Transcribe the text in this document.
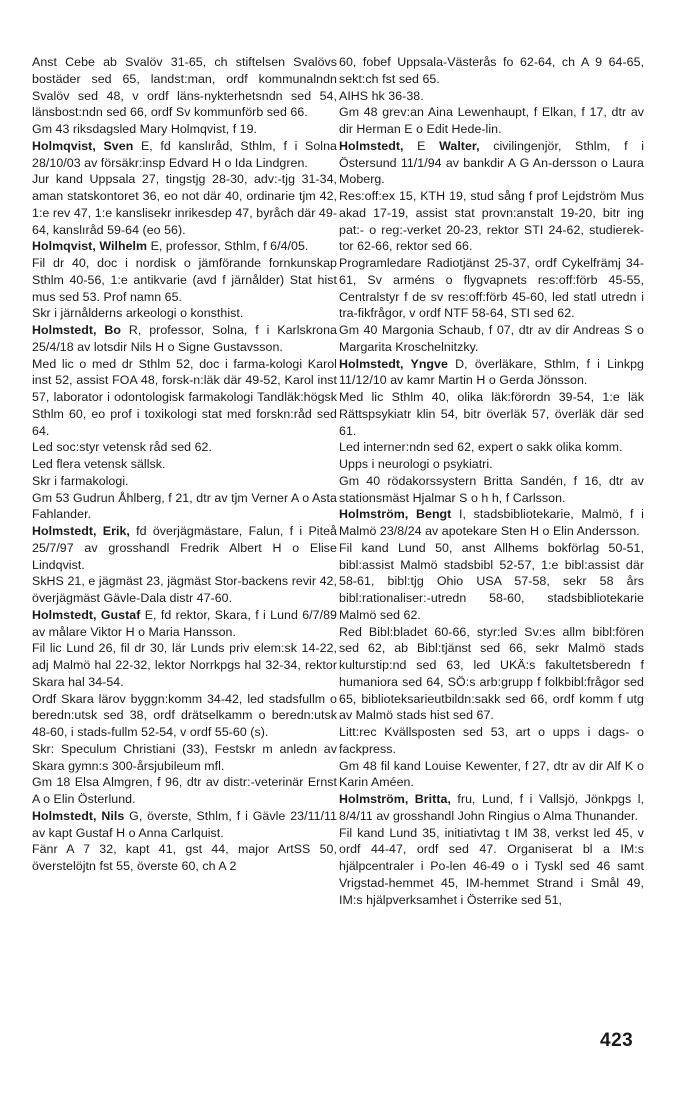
Anst Cebe ab Svalöv 31-65, ch stiftelsen Svalövs bostäder sed 65, landst:man, ordf kommunalndn Svalöv sed 48, v ordf läns-nykterhetsndn sed 54, länsbost:ndn sed 66, ordf Sv kommunförb sed 66.
Gm 43 riksdagsled Mary Holmqvist, f 19.
Holmqvist, Sven E, fd kanslıråd, Sthlm, f i Solna 28/10/03 av försäkr:insp Edvard H o Ida Lindgren.
Jur kand Uppsala 27, tingstjg 28-30, adv:-tjg 31-34, aman statskontoret 36, eo not där 40, ordinarie tjm 42, 1:e rev 47, 1:e kanslisekr inrikesdep 47, byråch där 49-64, kanslıråd 59-64 (eo 56).
Holmqvist, Wilhelm E, professor, Sthlm, f 6/4/05.
Fil dr 40, doc i nordisk o jämförande fornkunskap Sthlm 40-56, 1:e antikvarie (avd f järnålder) Stat hist mus sed 53. Prof namn 65.
Skr i järnålderns arkeologi o konsthist.
Holmstedt, Bo R, professor, Solna, f i Karlskrona 25/4/18 av lotsdir Nils H o Signe Gustavsson.
Med lic o med dr Sthlm 52, doc i farma-kologi Karol inst 52, assist FOA 48, forsk-n:läk där 49-52, Karol inst 57, laborator i odontologisk farmakologi Tandläk:högsk Sthlm 60, eo prof i toxikologi stat med forskn:råd sed 64.
Led soc:styr vetensk råd sed 62.
Led flera vetensk sällsk.
Skr i farmakologi.
Gm 53 Gudrun Åhlberg, f 21, dtr av tjm Verner A o Asta Fahlander.
Holmstedt, Erik, fd överjägmästare, Falun, f i Piteå 25/7/97 av grosshandl Fredrik Albert H o Elise Lindqvist.
SkHS 21, e jägmäst 23, jägmäst Stor-backens revir 42, överjägmäst Gävle-Dala distr 47-60.
Holmstedt, Gustaf E, fd rektor, Skara, f i Lund 6/7/89 av målare Viktor H o Maria Hansson.
Fil lic Lund 26, fil dr 30, lär Lunds priv elem:sk 14-22, adj Malmö hal 22-32, lektor Norrkpgs hal 32-34, rektor Skara hal 34-54.
Ordf Skara lärov byggn:komm 34-42, led stadsfullm o beredn:utsk sed 38, ordf drätselkamm o beredn:utsk 48-60, i stads-fullm 52-54, v ordf 55-60 (s).
Skr: Speculum Christiani (33), Festskr m anledn av Skara gymn:s 300-årsjubileum mfl.
Gm 18 Elsa Almgren, f 96, dtr av distr:-veterinär Ernst A o Elin Österlund.
Holmstedt, Nils G, överste, Sthlm, f i Gävle 23/11/11 av kapt Gustaf H o Anna Carlquist.
Fänr A 7 32, kapt 41, gst 44, major ArtSS 50, överstelöjtn fst 55, överste 60, ch A 2
60, fobef Uppsala-Västerås fo 62-64, ch A 9 64-65, sekt:ch fst sed 65.
AIHS hk 36-38.
Gm 48 grev:an Aina Lewenhaupt, f Elkan, f 17, dtr av dir Herman E o Edit Hede-lin.
Holmstedt, E Walter, civilingenjör, Sthlm, f i Östersund 11/1/94 av bankdir A G An-dersson o Laura Moberg.
Res:off:ex 15, KTH 19, stud sång f prof Lejdström Mus akad 17-19, assist stat provn:anstalt 19-20, bitr ing pat:- o reg:-verket 20-23, rektor STI 24-62, studierek-tor 62-66, rektor sed 66.
Programledare Radiotjänst 25-37, ordf Cykelfrämj 34-61, Sv arméns o flygvapnets res:off:förb 45-55, Centralstyr f de sv res:off:förb 45-60, led statl utredn i tra-fikfrågor, v ordf NTF 58-64, STI sed 62.
Gm 40 Margonia Schaub, f 07, dtr av dir Andreas S o Margarita Kroschelnitzky.
Holmstedt, Yngve D, överläkare, Sthlm, f i Linkpg 11/12/10 av kamr Martin H o Gerda Jönsson.
Med lic Sthlm 40, olika läk:förordn 39-54, 1:e läk Rättspsykiatr klin 54, bitr överläk 57, överläk där sed 61.
Led interner:ndn sed 62, expert o sakk olika komm.
Upps i neurologi o psykiatri.
Gm 40 rödakorssystern Britta Sandén, f 16, dtr av stationsmäst Hjalmar S o h h, f Carlsson.
Holmström, Bengt I, stadsbibliotekarie, Malmö, f i Malmö 23/8/24 av apotekare Sten H o Elin Andersson.
Fil kand Lund 50, anst Allhems bokförlag 50-51, bibl:assist Malmö stadsbibl 52-57, 1:e bibl:assist där 58-61, bibl:tjg Ohio USA 57-58, sekr 58 års bibl:rationaliser:-utredn 58-60, stadsbibliotekarie Malmö sed 62.
Red Bibl:bladet 60-66, styr:led Sv:es allm bibl:fören sed 62, ab Bibl:tjänst sed 66, sekr Malmö stads kulturstip:nd sed 63, led UKÄ:s fakultetsberedn f humaniora sed 64, SÖ:s arb:grupp f folkbibl:frågor sed 65, biblioteksarieutbildn:sakk sed 66, ordf komm f utg av Malmö stads hist sed 67.
Litt:rec Kvällsposten sed 53, art o upps i dags- o fackpress.
Gm 48 fil kand Louise Kewenter, f 27, dtr av dir Alf K o Karin Améen.
Holmström, Britta, fru, Lund, f i Vallsjö, Jönkpgs l, 8/4/11 av grosshandl John Ringius o Alma Thunander.
Fil kand Lund 35, initiativtag t IM 38, verkst led 45, v ordf 44-47, ordf sed 47. Organiserat bl a IM:s hjälpcentraler i Po-len 46-49 o i Tyskl sed 46 samt Vrigstad-hemmet 45, IM-hemmet Strand i Smål 49, IM:s hjälpverksamhet i Österrike sed 51,
423
